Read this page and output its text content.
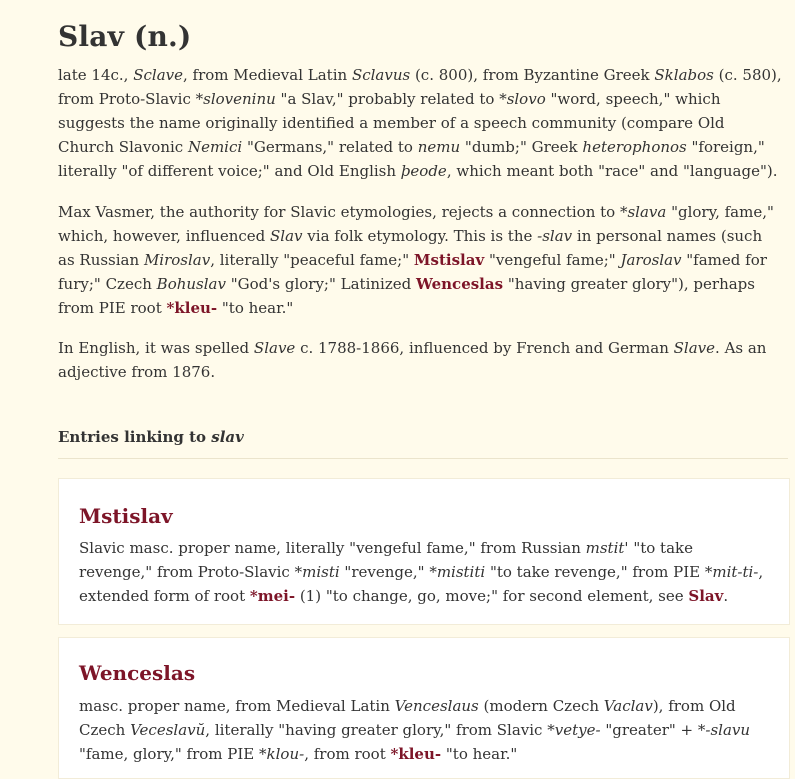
Slav (n.)

late 14c., Sclave, from Medieval Latin Sclavus (c. 800), from Byzantine Greek Sklabos (c. 580), from Proto-Slavic *sloveninu "a Slav," probably related to *slovo "word, speech," which suggests the name originally identified a member of a speech community (compare Old Church Slavonic Nemici "Germans," related to nemu "dumb;" Greek heterophonos "foreign," literally "of different voice;" and Old English þeode, which meant both "race" and "language").

Max Vasmer, the authority for Slavic etymologies, rejects a connection to *slava "glory, fame," which, however, influenced Slav via folk etymology. This is the -slav in personal names (such as Russian Miroslav, literally "peaceful fame;" Mstislav "vengeful fame;" Jaroslav "famed for fury;" Czech Bohuslav "God's glory;" Latinized Wenceslas "having greater glory"), perhaps from PIE root *kleu- "to hear."

In English, it was spelled Slave c. 1788-1866, influenced by French and German Slave. As an adjective from 1876.

Entries linking to slav

Mstislav

Slavic masc. proper name, literally "vengeful fame," from Russian mstit' "to take revenge," from Proto-Slavic *misti "revenge," *mistiti "to take revenge," from PIE *mit-ti-, extended form of root *mei- (1) "to change, go, move;" for second element, see Slav.

Wenceslas

masc. proper name, from Medieval Latin Venceslaus (modern Czech Vaclav), from Old Czech Veceslavŭ, literally "having greater glory," from Slavic *vetye- "greater" + *-slavu "fame, glory," from PIE *klou-, from root *kleu- "to hear."
